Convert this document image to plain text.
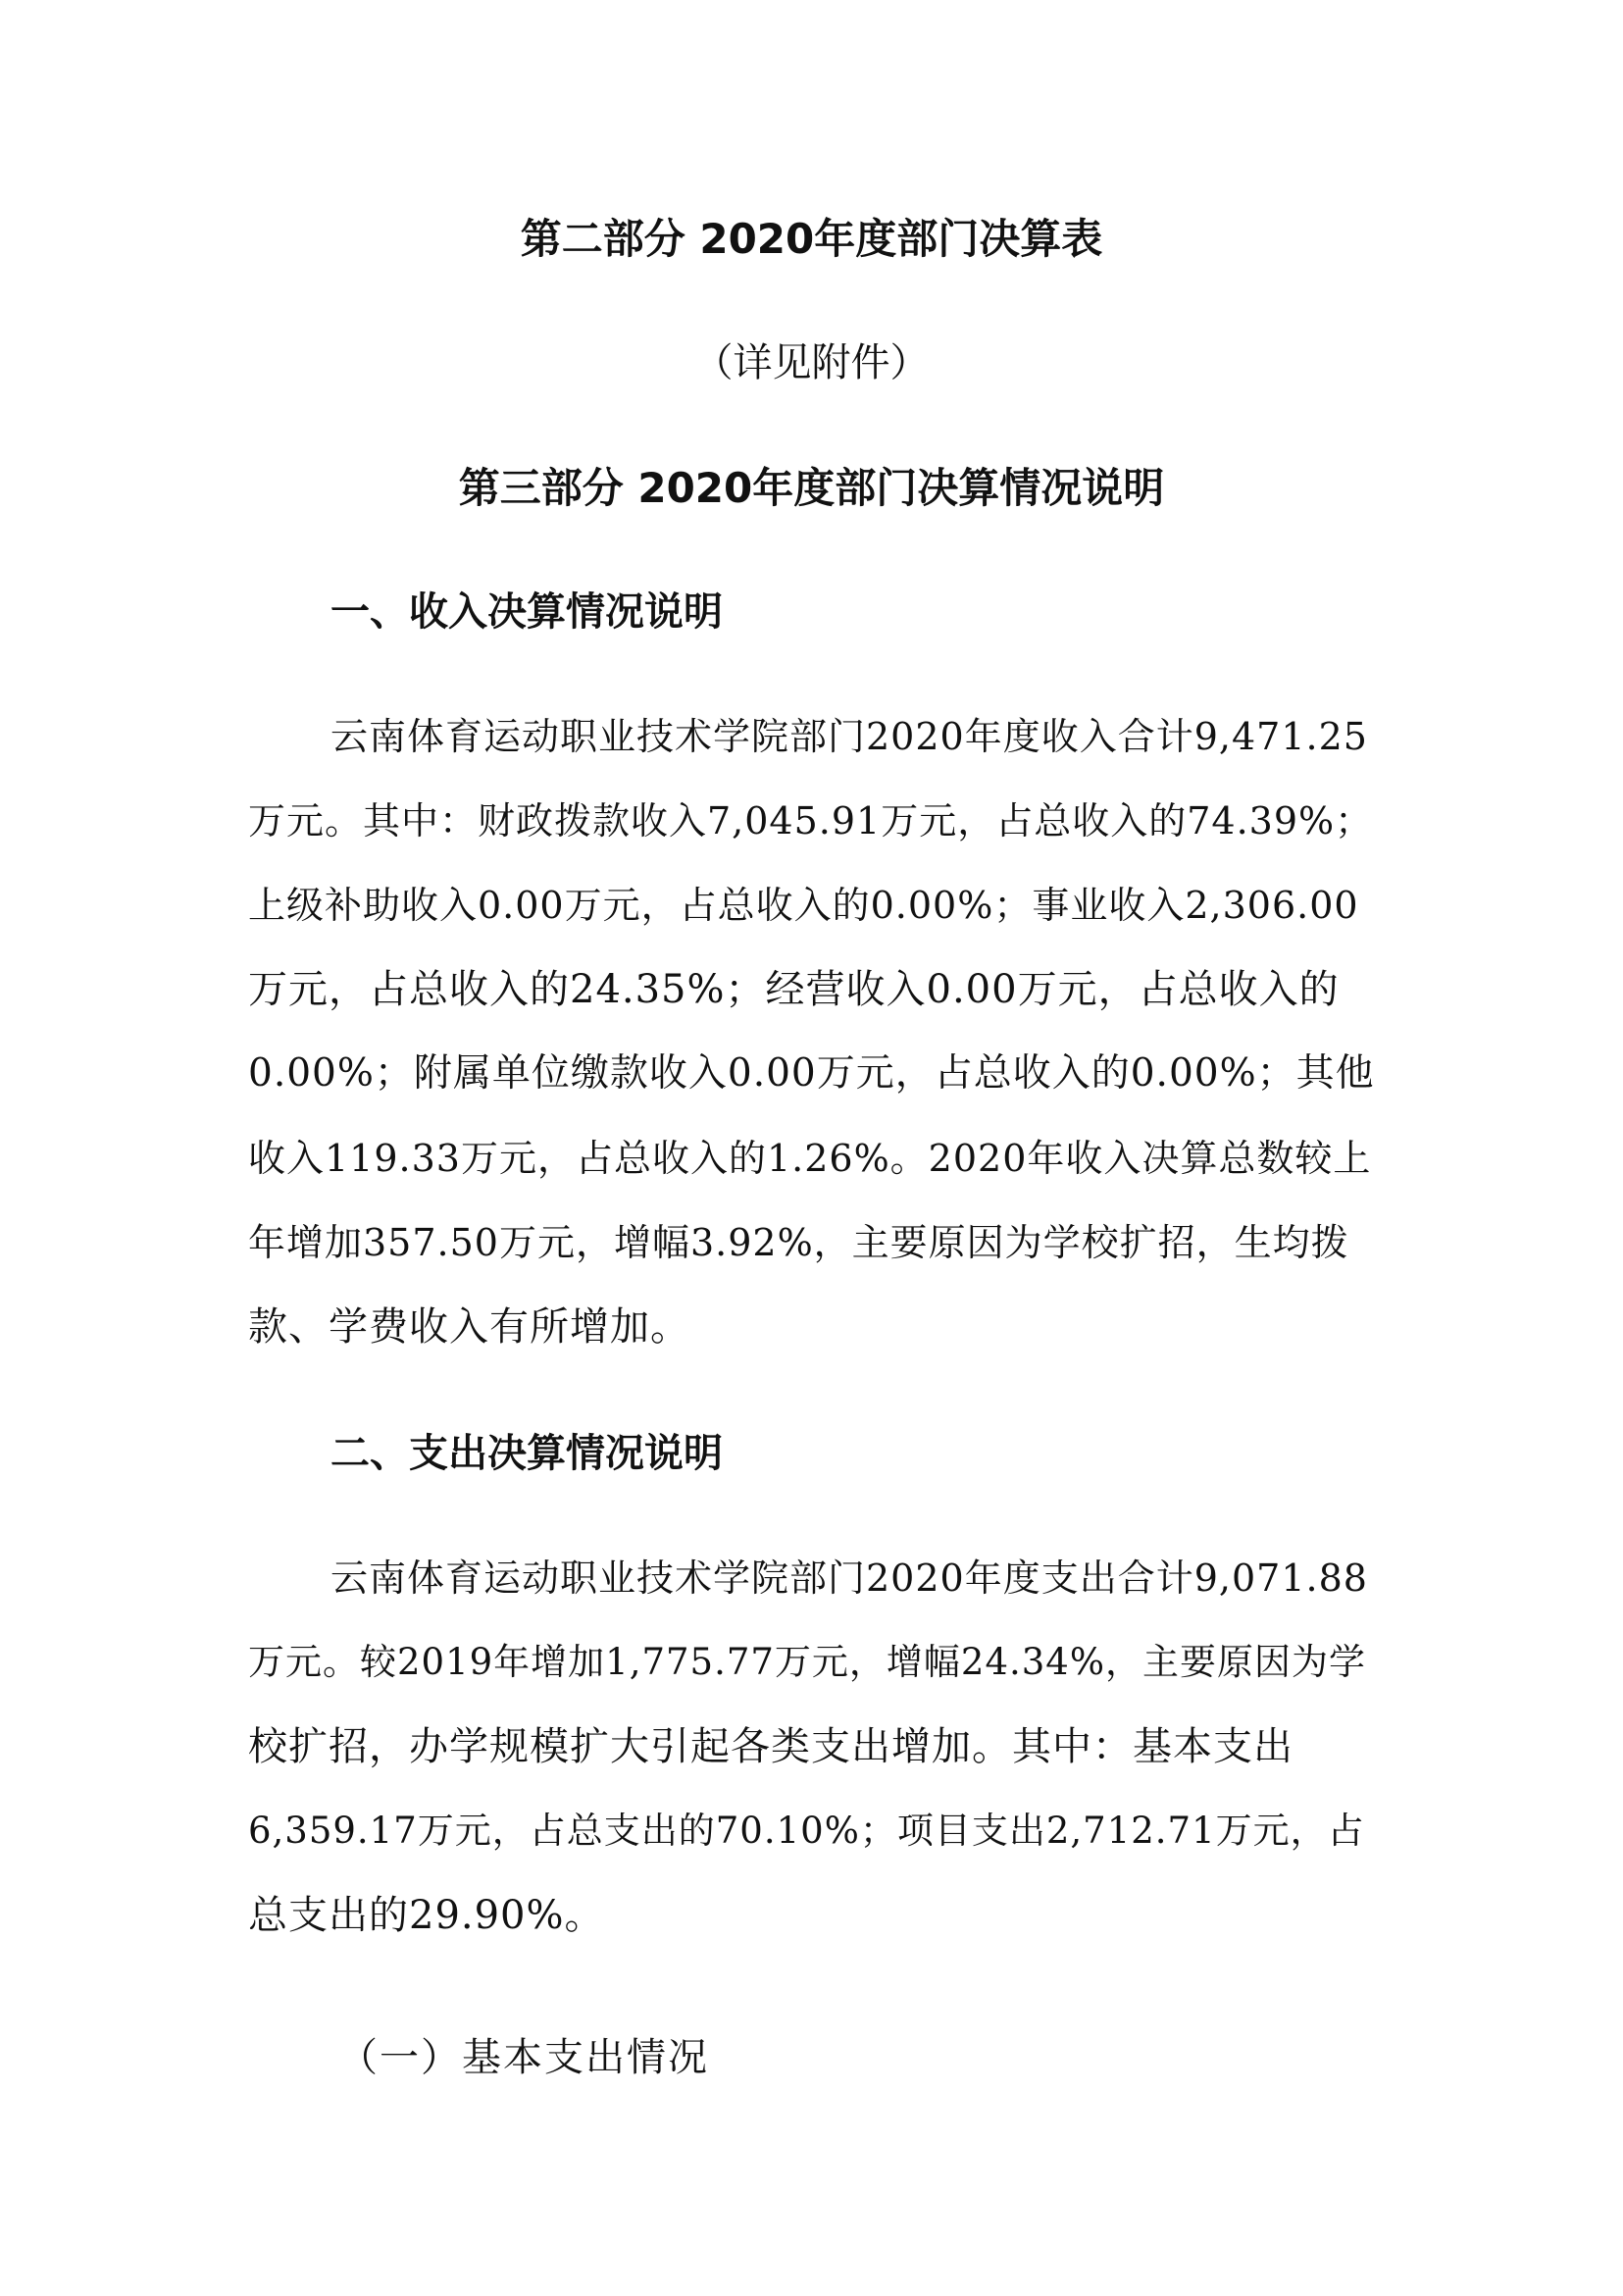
第二部分 2020年度部门决算表
（详见附件）
第三部分 2020年度部门决算情况说明
一、收入决算情况说明
云南体育运动职业技术学院部门2020年度收入合计9,471.25
万元。其中：财政拨款收入7,045.91万元，占总收入的74.39%；
上级补助收入0.00万元，占总收入的0.00%；事业收入2,306.00
万元，占总收入的24.35%；经营收入0.00万元，占总收入的
0.00%；附属单位缴款收入0.00万元，占总收入的0.00%；其他
收入119.33万元，占总收入的1.26%。2020年收入决算总数较上
年增加357.50万元，增幅3.92%，主要原因为学校扩招，生均拨
款、学费收入有所增加。
二、支出决算情况说明
云南体育运动职业技术学院部门2020年度支出合计9,071.88
万元。较2019年增加1,775.77万元，增幅24.34%，主要原因为学
校扩招，办学规模扩大引起各类支出增加。其中：基本支出
6,359.17万元，占总支出的70.10%；项目支出2,712.71万元，占
总支出的29.90%。
（一）基本支出情况
